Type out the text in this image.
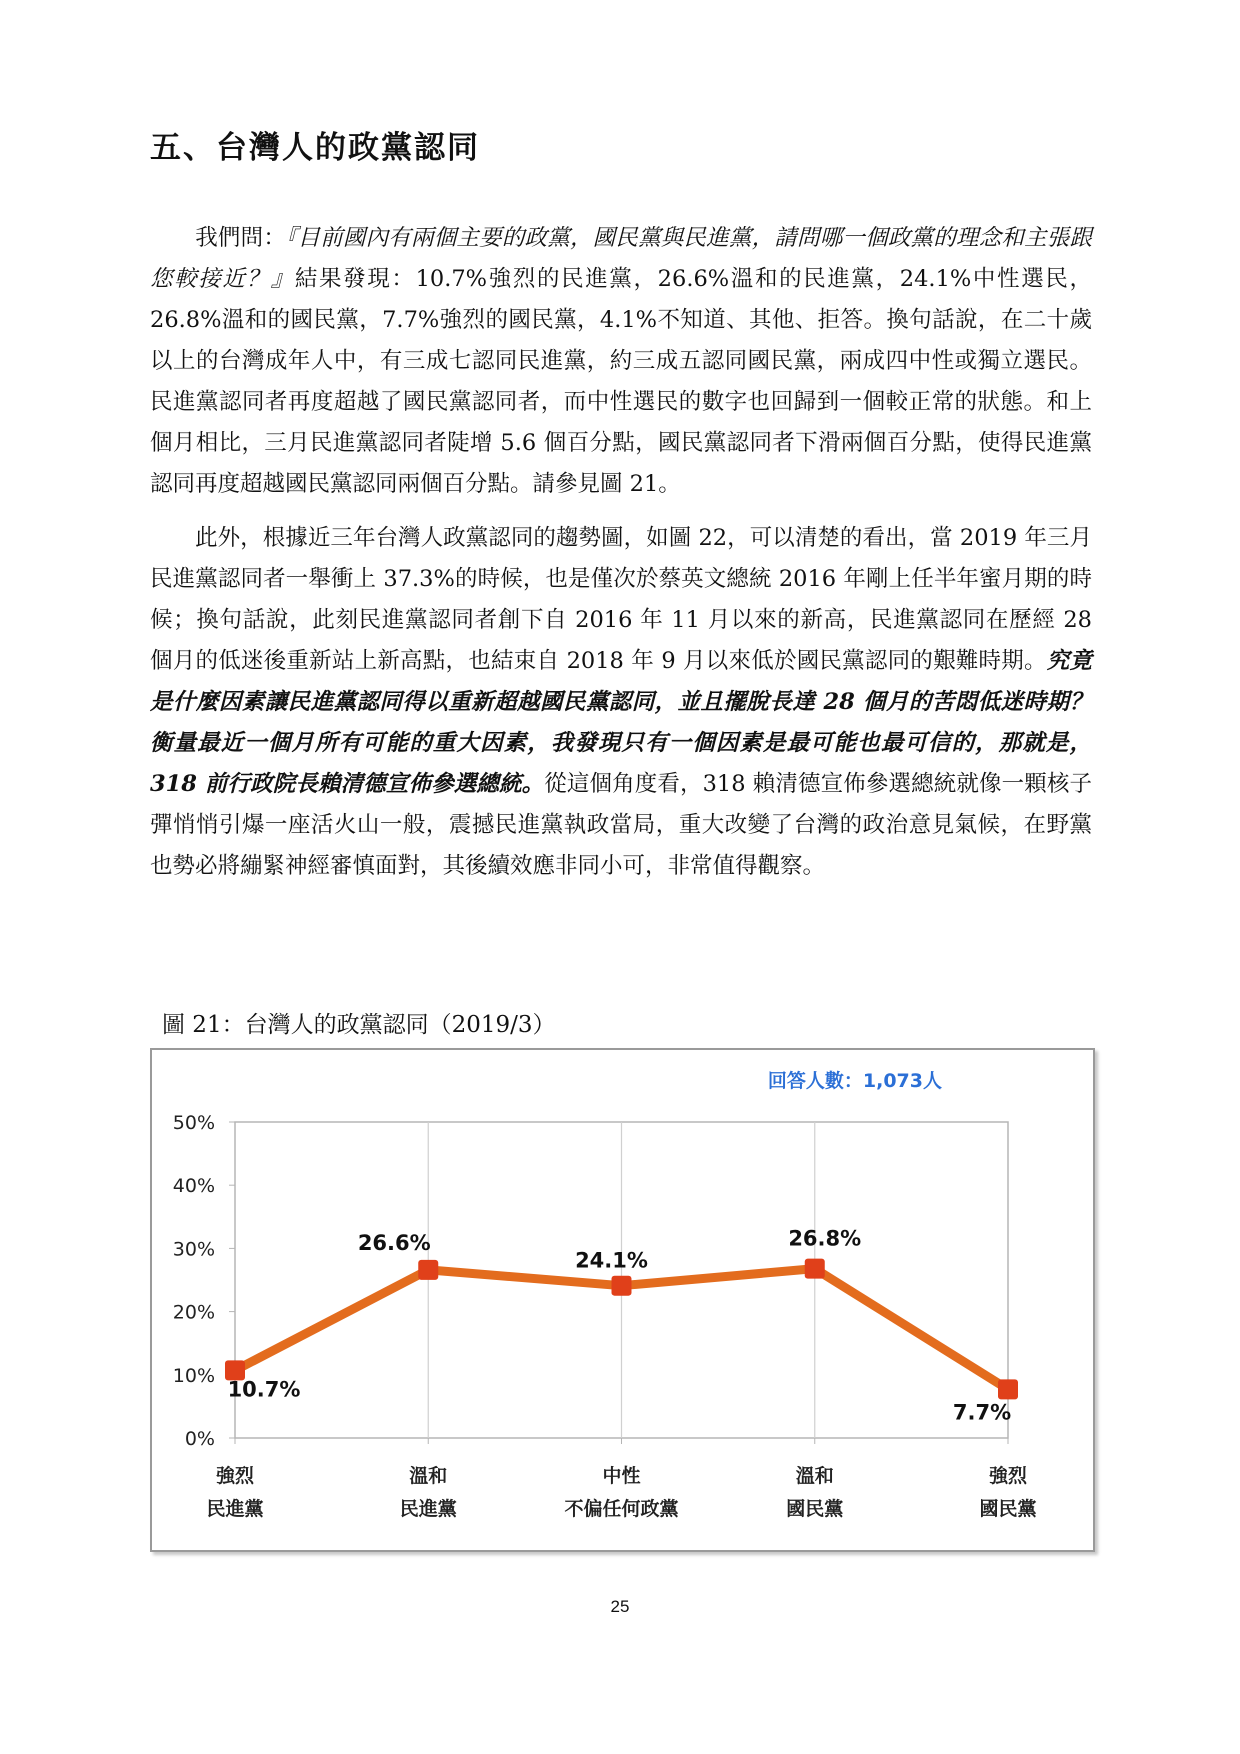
五、台灣人的政黨認同
我們問：『目前國內有兩個主要的政黨，國民黨與民進黨，請問哪一個政黨的理念和主張跟您較接近？』結果發現：10.7%強烈的民進黨，26.6%溫和的民進黨，24.1%中性選民，26.8%溫和的國民黨，7.7%強烈的國民黨，4.1%不知道、其他、拒答。換句話說，在二十歲以上的台灣成年人中，有三成七認同民進黨，約三成五認同國民黨，兩成四中性或獨立選民。民進黨認同者再度超越了國民黨認同者，而中性選民的數字也回歸到一個較正常的狀態。和上個月相比，三月民進黨認同者陡增 5.6 個百分點，國民黨認同者下滑兩個百分點，使得民進黨認同再度超越國民黨認同兩個百分點。請參見圖 21。
此外，根據近三年台灣人政黨認同的趨勢圖，如圖 22，可以清楚的看出，當 2019 年三月民進黨認同者一舉衝上 37.3%的時候，也是僅次於蔡英文總統 2016 年剛上任半年蜜月期的時候；換句話說，此刻民進黨認同者創下自 2016 年 11 月以來的新高，民進黨認同在歷經 28 個月的低迷後重新站上新高點，也結束自 2018 年 9 月以來低於國民黨認同的艱難時期。究竟是什麼因素讓民進黨認同得以重新超越國民黨認同，並且擺脫長達 28 個月的苦悶低迷時期？衡量最近一個月所有可能的重大因素，我發現只有一個因素是最可能也最可信的，那就是，318 前行政院長賴清德宣佈參選總統。從這個角度看，318 賴清德宣佈參選總統就像一顆核子彈悄悄引爆一座活火山一般，震撼民進黨執政當局，重大改變了台灣的政治意見氣候，在野黨也勢必將繃緊神經審慎面對，其後續效應非同小可，非常值得觀察。
圖 21：台灣人的政黨認同（2019/3）
0%
10%
20%
30%
40%
50%
10.7%
26.6%
24.1%
26.8%
7.7%
強烈
民進黨
溫和
民進黨
中性
不偏任何政黨
溫和
國民黨
強烈
國民黨
回答人數：1,073人
25
